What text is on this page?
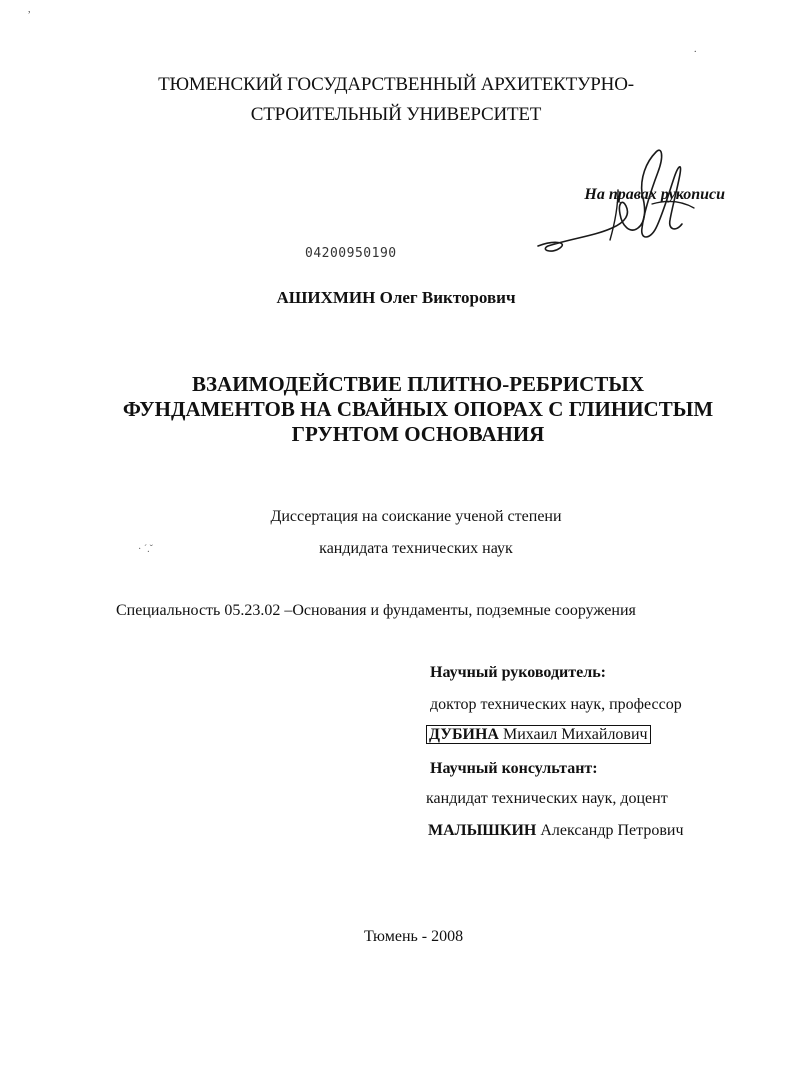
,
.
ТЮМЕНСКИЙ ГОСУДАРСТВЕННЫЙ АРХИТЕКТУРНО-
СТРОИТЕЛЬНЫЙ УНИВЕРСИТЕТ
На правах рукописи
04200950190
АШИХМИН Олег Викторович
ВЗАИМОДЕЙСТВИЕ ПЛИТНО-РЕБРИСТЫХ
ФУНДАМЕНТОВ НА СВАЙНЫХ ОПОРАХ С ГЛИНИСТЫМ
ГРУНТОМ ОСНОВАНИЯ
Диссертация на соискание ученой степени
· ˊ.ˇ	кандидата технических наук
Специальность 05.23.02 –Основания и фундаменты, подземные сооружения
Научный руководитель:
доктор технических наук, профессор
ДУБИНА Михаил Михайлович
Научный консультант:
кандидат технических наук, доцент
МАЛЫШКИН Александр Петрович
Тюмень - 2008
